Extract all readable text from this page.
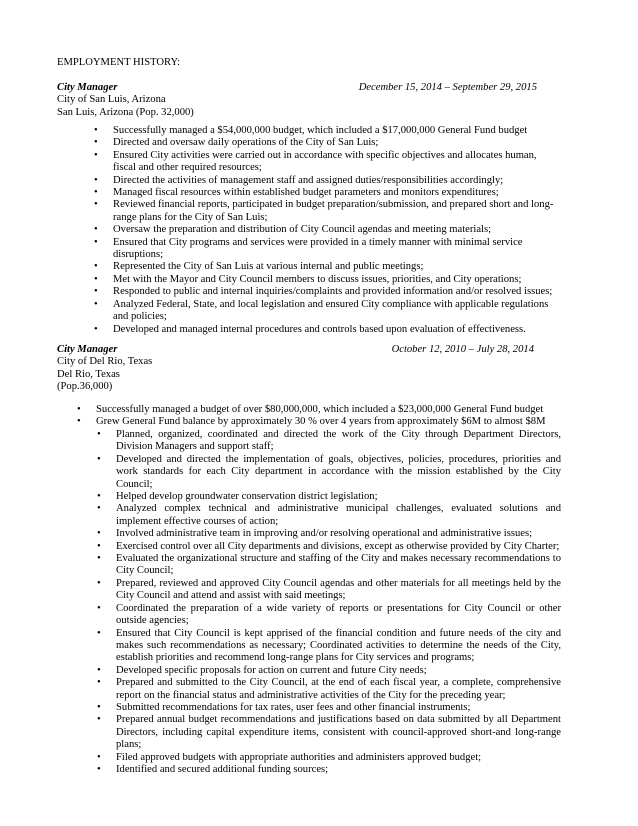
EMPLOYMENT HISTORY:
City Manager	December 15, 2014 – September 29, 2015
City of San Luis, Arizona
San Luis, Arizona (Pop. 32,000)
• Successfully managed a $54,000,000 budget, which included a $17,000,000 General Fund budget
• Directed and oversaw daily operations of the City of San Luis;
• Ensured City activities were carried out in accordance with specific objectives and allocates human, fiscal and other required resources;
• Directed the activities of management staff and assigned duties/responsibilities accordingly;
• Managed fiscal resources within established budget parameters and monitors expenditures;
• Reviewed financial reports, participated in budget preparation/submission, and prepared short and long-range plans for the City of San Luis;
• Oversaw the preparation and distribution of City Council agendas and meeting materials;
• Ensured that City programs and services were provided in a timely manner with minimal service disruptions;
• Represented the City of San Luis at various internal and public meetings;
• Met with the Mayor and City Council members to discuss issues, priorities, and City operations;
• Responded to public and internal inquiries/complaints and provided information and/or resolved issues;
• Analyzed Federal, State, and local legislation and ensured City compliance with applicable regulations and policies;
• Developed and managed internal procedures and controls based upon evaluation of effectiveness.
City Manager	October 12, 2010 – July 28, 2014
City of Del Rio, Texas
Del Rio, Texas
(Pop.36,000)
• Successfully managed a budget of over $80,000,000, which included a $23,000,000 General Fund budget
• Grew General Fund balance by approximately 30 % over 4 years from approximately $6M to almost $8M
• Planned, organized, coordinated and directed the work of the City through Department Directors, Division Managers and support staff;
• Developed and directed the implementation of goals, objectives, policies, procedures, priorities and work standards for each City department in accordance with the mission established by the City Council;
• Helped develop groundwater conservation district legislation;
• Analyzed complex technical and administrative municipal challenges, evaluated solutions and implement effective courses of action;
• Involved administrative team in improving and/or resolving operational and administrative issues;
• Exercised control over all City departments and divisions, except as otherwise provided by City Charter;
• Evaluated the organizational structure and staffing of the City and makes necessary recommendations to City Council;
• Prepared, reviewed and approved City Council agendas and other materials for all meetings held by the City Council and attend and assist with said meetings;
• Coordinated the preparation of a wide variety of reports or presentations for City Council or other outside agencies;
• Ensured that City Council is kept apprised of the financial condition and future needs of the city and makes such recommendations as necessary; Coordinated activities to determine the needs of the City, establish priorities and recommend long-range plans for City services and programs;
• Developed specific proposals for action on current and future City needs;
• Prepared and submitted to the City Council, at the end of each fiscal year, a complete, comprehensive report on the financial status and administrative activities of the City for the preceding year;
• Submitted recommendations for tax rates, user fees and other financial instruments;
• Prepared annual budget recommendations and justifications based on data submitted by all Department Directors, including capital expenditure items, consistent with council-approved short-and long-range plans;
• Filed approved budgets with appropriate authorities and administers approved budget;
• Identified and secured additional funding sources;
